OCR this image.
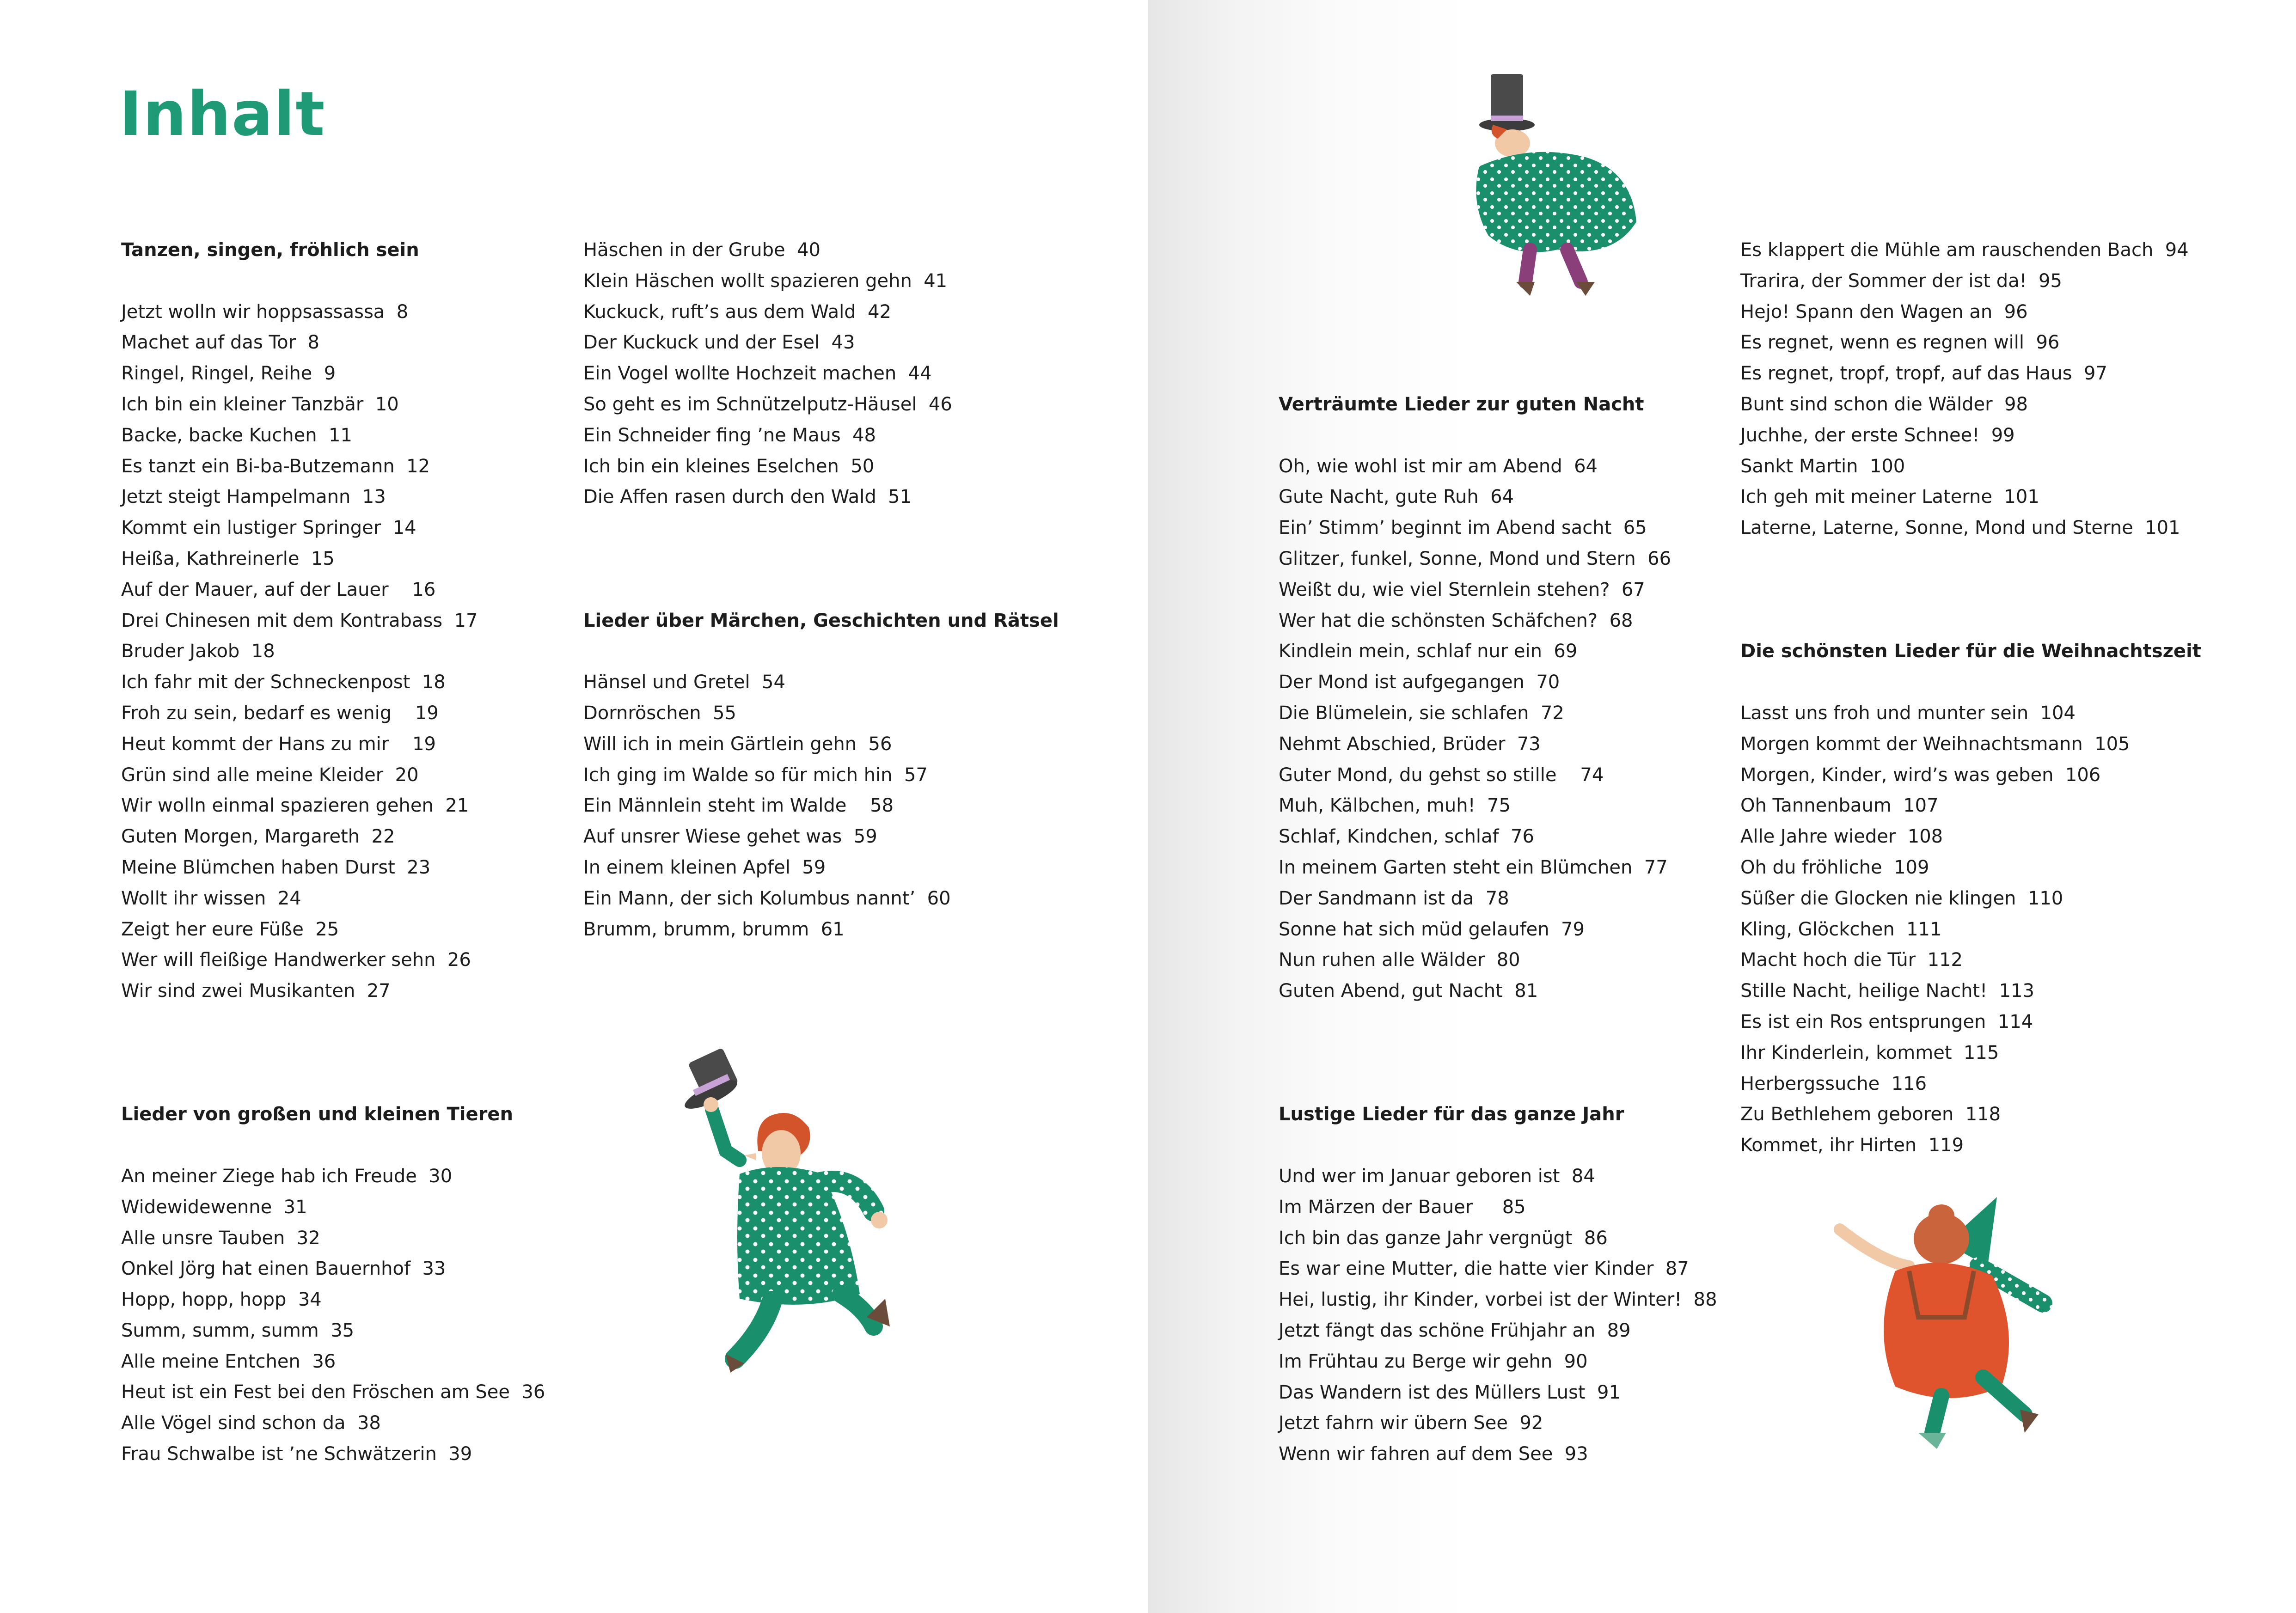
Inhalt

Tanzen, singen, fröhlich sein

Jetzt wolln wir hoppsassassa  8
Machet auf das Tor  8
Ringel, Ringel, Reihe  9
Ich bin ein kleiner Tanzbär  10
Backe, backe Kuchen  11
Es tanzt ein Bi-ba-Butzemann  12
Jetzt steigt Hampelmann  13
Kommt ein lustiger Springer  14
Heißa, Kathreinerle  15
Auf der Mauer, auf der Lauer    16
Drei Chinesen mit dem Kontrabass  17
Bruder Jakob  18
Ich fahr mit der Schneckenpost  18
Froh zu sein, bedarf es wenig    19
Heut kommt der Hans zu mir    19
Grün sind alle meine Kleider  20
Wir wolln einmal spazieren gehen  21
Guten Morgen, Margareth  22
Meine Blümchen haben Durst  23
Wollt ihr wissen  24
Zeigt her eure Füße  25
Wer will fleißige Handwerker sehn  26
Wir sind zwei Musikanten  27

Lieder von großen und kleinen Tieren

An meiner Ziege hab ich Freude  30
Widewidewenne  31
Alle unsre Tauben  32
Onkel Jörg hat einen Bauernhof  33
Hopp, hopp, hopp  34
Summ, summ, summ  35
Alle meine Entchen  36
Heut ist ein Fest bei den Fröschen am See  36
Alle Vögel sind schon da  38
Frau Schwalbe ist ’ne Schwätzerin  39
Häschen in der Grube  40
Klein Häschen wollt spazieren gehn  41
Kuckuck, ruft’s aus dem Wald  42
Der Kuckuck und der Esel  43
Ein Vogel wollte Hochzeit machen  44
So geht es im Schnützelputz-Häusel  46
Ein Schneider fing ’ne Maus  48
Ich bin ein kleines Eselchen  50
Die Affen rasen durch den Wald  51

Lieder über Märchen, Geschichten und Rätsel

Hänsel und Gretel  54
Dornröschen  55
Will ich in mein Gärtlein gehn  56
Ich ging im Walde so für mich hin  57
Ein Männlein steht im Walde    58
Auf unsrer Wiese gehet was  59
In einem kleinen Apfel  59
Ein Mann, der sich Kolumbus nannt’  60
Brumm, brumm, brumm  61

Verträumte Lieder zur guten Nacht

Oh, wie wohl ist mir am Abend  64
Gute Nacht, gute Ruh  64
Ein’ Stimm’ beginnt im Abend sacht  65
Glitzer, funkel, Sonne, Mond und Stern  66
Weißt du, wie viel Sternlein stehen?  67
Wer hat die schönsten Schäfchen?  68
Kindlein mein, schlaf nur ein  69
Der Mond ist aufgegangen  70
Die Blümelein, sie schlafen  72
Nehmt Abschied, Brüder  73
Guter Mond, du gehst so stille    74
Muh, Kälbchen, muh!  75
Schlaf, Kindchen, schlaf  76
In meinem Garten steht ein Blümchen  77
Der Sandmann ist da  78
Sonne hat sich müd gelaufen  79
Nun ruhen alle Wälder  80
Guten Abend, gut Nacht  81

Lustige Lieder für das ganze Jahr

Und wer im Januar geboren ist  84
Im Märzen der Bauer     85
Ich bin das ganze Jahr vergnügt  86
Es war eine Mutter, die hatte vier Kinder  87
Hei, lustig, ihr Kinder, vorbei ist der Winter!  88
Jetzt fängt das schöne Frühjahr an  89
Im Frühtau zu Berge wir gehn  90
Das Wandern ist des Müllers Lust  91
Jetzt fahrn wir übern See  92
Wenn wir fahren auf dem See  93
Es klappert die Mühle am rauschenden Bach  94
Trarira, der Sommer der ist da!  95
Hejo! Spann den Wagen an  96
Es regnet, wenn es regnen will  96
Es regnet, tropf, tropf, auf das Haus  97
Bunt sind schon die Wälder  98
Juchhe, der erste Schnee!  99
Sankt Martin  100
Ich geh mit meiner Laterne  101
Laterne, Laterne, Sonne, Mond und Sterne  101

Die schönsten Lieder für die Weihnachtszeit

Lasst uns froh und munter sein  104
Morgen kommt der Weihnachtsmann  105
Morgen, Kinder, wird’s was geben  106
Oh Tannenbaum  107
Alle Jahre wieder  108
Oh du fröhliche  109
Süßer die Glocken nie klingen  110
Kling, Glöckchen  111
Macht hoch die Tür  112
Stille Nacht, heilige Nacht!  113
Es ist ein Ros entsprungen  114
Ihr Kinderlein, kommet  115
Herbergssuche  116
Zu Bethlehem geboren  118
Kommet, ihr Hirten  119
